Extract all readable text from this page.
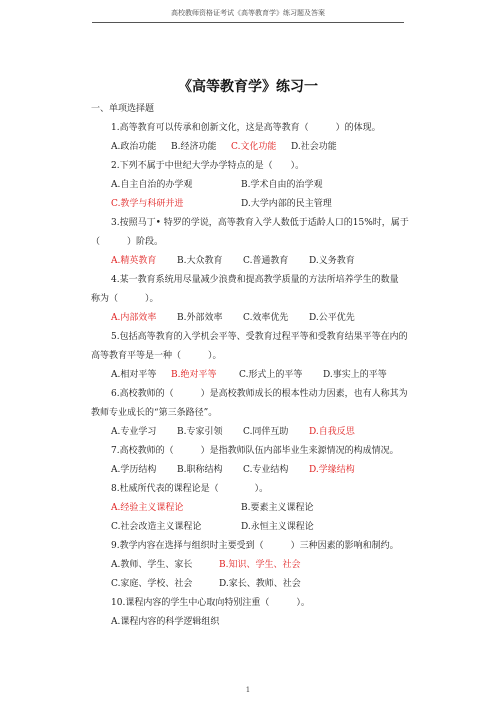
高校教师资格证考试《高等教育学》练习题及答案
《高等教育学》练习一
一、单项选择题
1.高等教育可以传承和创新文化，这是高等教育（　　　）的体现。
A.政治功能 B.经济功能 C.文化功能 D.社会功能
2.下列不属于中世纪大学办学特点的是（　　）。
A.自主自治的办学观	B.学术自由的治学观
C.教学与科研并进	D.大学内部的民主管理
3.按照马丁• 特罗的学说，高等教育入学人数低于适龄人口的15%时，属于
（　　　）阶段。
A.精英教育 B.大众教育 C.普通教育 D.义务教育
4.某一教育系统用尽量减少浪费和提高教学质量的方法所培养学生的数量
称为（　　　）。
A.内部效率 B.外部效率 C.效率优先 D.公平优先
5.包括高等教育的入学机会平等、受教育过程平等和受教育结果平等在内的
高等教育平等是一种（　　　）。
A.相对平等 B.绝对平等	C.形式上的平等 D.事实上的平等
6.高校教师的（　　　）是高校教师成长的根本性动力因素，也有人称其为
教师专业成长的“第三条路径”。
A.专业学习 B.专家引领 C.同伴互助 D.自我反思
7.高校教师的（　　　）是指教师队伍内部毕业生来源情况的构成情况。
A.学历结构 B.职称结构 C.专业结构 D.学缘结构
8.杜威所代表的课程论是（　　　　）。
A.经验主义课程论	B.要素主义课程论
C.社会改造主义课程论	D.永恒主义课程论
9.教学内容在选择与组织时主要受到（　　　）三种因素的影响和制约。
A.教师、学生、家长	B.知识、学生、社会
C.家庭、学校、社会	D.家长、教师、社会
10.课程内容的学生中心取向特别注重（　　　）。
A.课程内容的科学逻辑组织
1
